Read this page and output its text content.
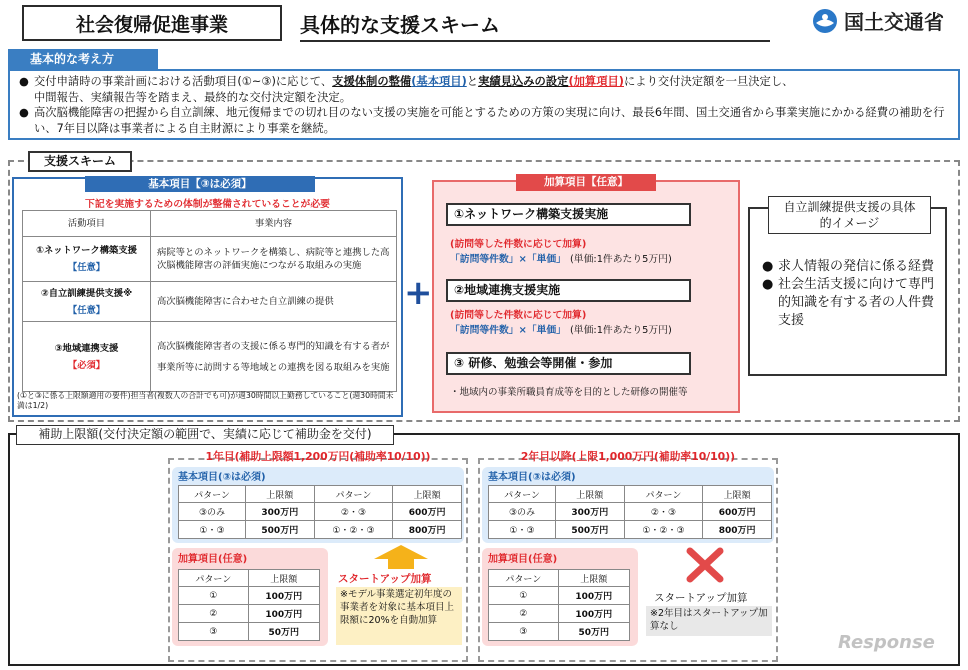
社会復帰促進事業	具体的な支援スキーム	国土交通省
基本的な考え方
● 交付申請時の事業計画における活動項目(①~③)に応じて、支援体制の整備(基本項目)と実績見込みの設定(加算項目)により交付決定額を一旦決定し、
中間報告、実績報告等を踏まえ、最終的な交付決定額を決定。
● 高次脳機能障害の把握から自立訓練、地元復帰までの切れ目のない支援の実施を可能とするための方策の実現に向け、最長6年間、国土交通省から事業実施にかかる経費の補助を行い、7年目以降は事業者による自主財源により事業を継続。
支援スキーム
基本項目【③は必須】
下記を実施するための体制が整備されていることが必要
活動項目	事業内容

①ネットワーク構築支援
【任意】	病院等とのネットワークを構築し、病院等と連携した高次脳機能障害の評価実施につながる取組みの実施

②自立訓練提供支援※
【任意】	高次脳機能障害に合わせた自立訓練の提供

③地域連携支援
【必須】	高次脳機能障害者の支援に係る専門的知識を有する者が事業所等に訪問する等地域との連携を図る取組みを実施
(①と③に係る上限額適用の要件)担当者(複数人の合計でも可)が週30時間以上勤務していること(週30時間未満は1/2)
+
加算項目【任意】
①ネットワーク構築支援実施
(訪問等した件数に応じて加算)
「訪問等件数」×「単価」 (単価:1件あたり5万円)
②地域連携支援実施
(訪問等した件数に応じて加算)
「訪問等件数」×「単価」 (単価:1件あたり5万円)
③ 研修、勉強会等開催・参加
・地域内の事業所職員育成等を目的とした研修の開催等
自立訓練提供支援の具体的イメージ
● 求人情報の発信に係る経費
● 社会生活支援に向けて専門的知識を有する者の人件費支援
補助上限額(交付決定額の範囲で、実績に応じて補助金を交付)
1年目(補助上限額1,200万円(補助率10/10))
基本項目(③は必須)
パターン	上限額	パターン	上限額
③のみ	300万円	②・③	600万円
①・③	500万円	①・②・③	800万円
加算項目(任意)
パターン	上限額
①	100万円
②	100万円
③	50万円
スタートアップ加算
※モデル事業選定初年度の事業者を対象に基本項目上限額に20%を自動加算
2年目以降(上限1,000万円(補助率10/10))
基本項目(③は必須)
パターン	上限額	パターン	上限額
③のみ	300万円	②・③	600万円
①・③	500万円	①・②・③	800万円
加算項目(任意)
パターン	上限額
①	100万円
②	100万円
③	50万円
スタートアップ加算
※2年目はスタートアップ加算なし
Response
